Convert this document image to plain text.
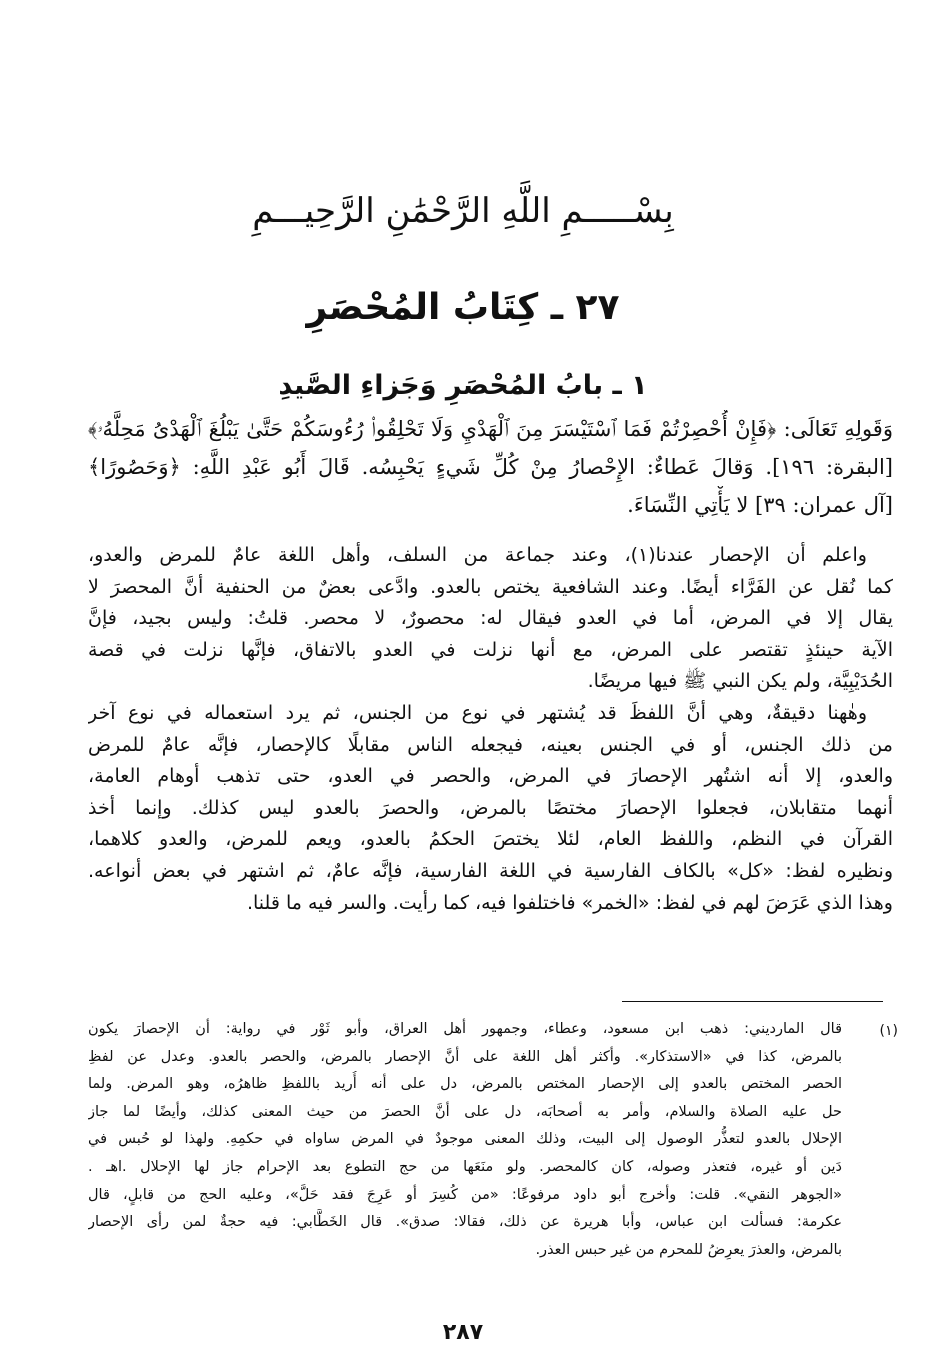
بِسْـــــمِ اللَّهِ الرَّحْمَٰنِ الرَّحِيـــمِ
٢٧ ـ كِتَابُ المُحْصَرِ
١ ـ بابُ المُحْصَرِ وَجَزاءِ الصَّيدِ
وَقَولِهِ تَعَالَى: ﴿فَإِنْ أُحْصِرْتُمْ فَمَا ٱسْتَيْسَرَ مِنَ ٱلْهَدْيِ وَلَا تَحْلِقُوا۟ رُءُوسَكُمْ حَتَّىٰ يَبْلُغَ ٱلْهَدْىُ مَحِلَّهُۥ﴾
[البقرة: ١٩٦]. وَقالَ عَطاءٌ: الإِحْصارُ مِنْ كُلِّ شَيءٍ يَحْبِسُه. قَالَ أَبُو عَبْدِ اللَّهِ: ﴿وَحَصُورًا﴾
[آل عمران: ٣٩] لا يَأْتِي النِّسَاءَ.
واعلم أن الإحصار عندنا(١)، وعند جماعة من السلف، وأهل اللغة عامٌ للمرض والعدو،
كما نُقل عن الفَرَّاء أيضًا. وعند الشافعية يختص بالعدو. وادَّعى بعضٌ من الحنفية أنَّ المحصرَ لا
يقال إلا في المرض، أما في العدو فيقال له: محصورٌ، لا محصر. قلتُ: وليس بجيد، فإنَّ
الآية حينئذٍ تقتصر على المرض، مع أنها نزلت في العدو بالاتفاق، فإنَّها نزلت في قصة
الحُدَيْبِيَّة، ولم يكن النبي ﷺ فيها مريضًا.
وهٰهنا دقيقةٌ، وهي أنَّ اللفظَ قد يُشتهر في نوع من الجنس، ثم يرد استعماله في نوع آخر
من ذلك الجنس، أو في الجنس بعينه، فيجعله الناس مقابلًا كالإحصار، فإنَّه عامٌ للمرض
والعدو، إلا أنه اشتُهر الإحصارَ في المرض، والحصر في العدو، حتى تذهب أوهام العامة،
أنهما متقابلان، فجعلوا الإحصارَ مختصًا بالمرض، والحصرَ بالعدو ليس كذلك. وإنما أخذ
القرآن في النظم، واللفظ العام، لئلا يختصَ الحكمُ بالعدو، ويعم للمرض، والعدو كلاهما،
ونظيره لفظ: «كل» بالكاف الفارسية في اللغة الفارسية، فإنَّه عامٌ، ثم اشتهر في بعض أنواعه.
وهذا الذي عَرَضَ لهم في لفظ: «الخمر» فاختلفوا فيه، كما رأيت. والسر فيه ما قلنا.
(١)
قال المارديني: ذهب ابن مسعود، وعطاء، وجمهور أهل العراق، وأبو ثَوْر في رواية: أن الإحصارَ يكون
بالمرض، كذا في «الاستذكار». وأكثر أهل اللغة على أنَّ الإحصار بالمرض، والحصر بالعدو. وعدل عن لفظِ
الحصر المختص بالعدو إلى الإحصار المختص بالمرض، دل على أنه أُريد باللفظِ ظاهرُه، وهو المرض. ولما
حل عليه الصلاة والسلام، وأمر به أصحابَه، دل على أنَّ الحصرَ من حيث المعنى كذلك، وأيضًا لما جاز
الإحلال بالعدو لتعذُّر الوصول إلى البيت، وذلك المعنى موجودٌ في المرض ساواه في حكمِهِ. ولهذا لو حُبس في
دَين أو غيره، فتعذر وصوله، كان كالمحصر. ولو منَعَها من حج التطوع بعد الإحرام جاز لها الإحلال .اهـ .
«الجوهر النقي». قلت: وأخرج أبو داود مرفوعًا: «من كُسِرَ أو عَرِجَ فقد حَلَّ»، وعليه الحج من قابلٍ، قال
عكرمة: فسألت ابن عباس، وأبا هريرة عن ذلك، فقالا: صدق». قال الخَطَّابي: فيه حجةٌ لمن رأى الإحصار
بالمرض، والعذرَ يعرِضُ للمحرم من غير حبس العذر.
٢٨٧
